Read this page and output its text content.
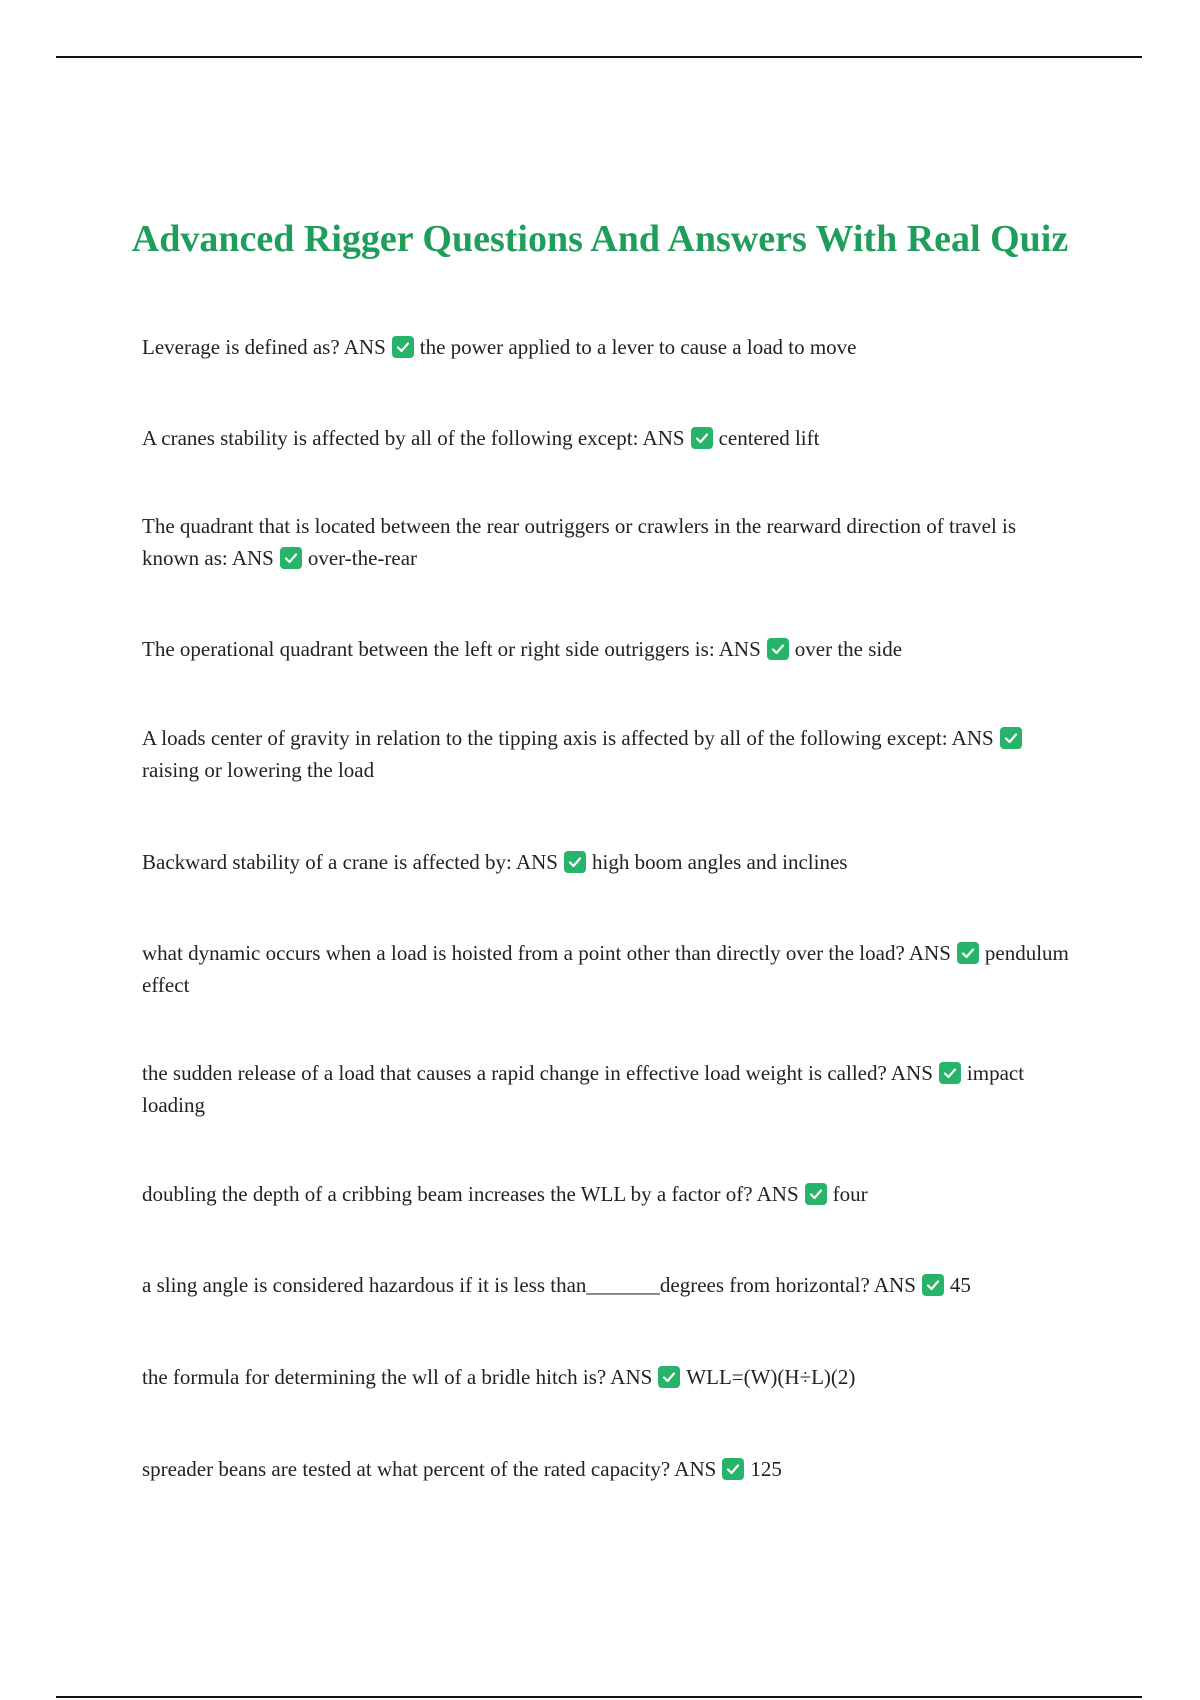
Advanced Rigger Questions And Answers With Real Quiz

Leverage is defined as? ANS the power applied to a lever to cause a load to move

A cranes stability is affected by all of the following except: ANS centered lift

The quadrant that is located between the rear outriggers or crawlers in the rearward direction of travel is known as: ANS over-the-rear

The operational quadrant between the left or right side outriggers is: ANS over the side

A loads center of gravity in relation to the tipping axis is affected by all of the following except: ANS
raising or lowering the load

Backward stability of a crane is affected by: ANS high boom angles and inclines

what dynamic occurs when a load is hoisted from a point other than directly over the load? ANS pendulum effect

the sudden release of a load that causes a rapid change in effective load weight is called? ANS impact loading

doubling the depth of a cribbing beam increases the WLL by a factor of? ANS four

a sling angle is considered hazardous if it is less than_______degrees from horizontal? ANS 45

the formula for determining the wll of a bridle hitch is? ANS WLL=(W)(H÷L)(2)

spreader beans are tested at what percent of the rated capacity? ANS 125
